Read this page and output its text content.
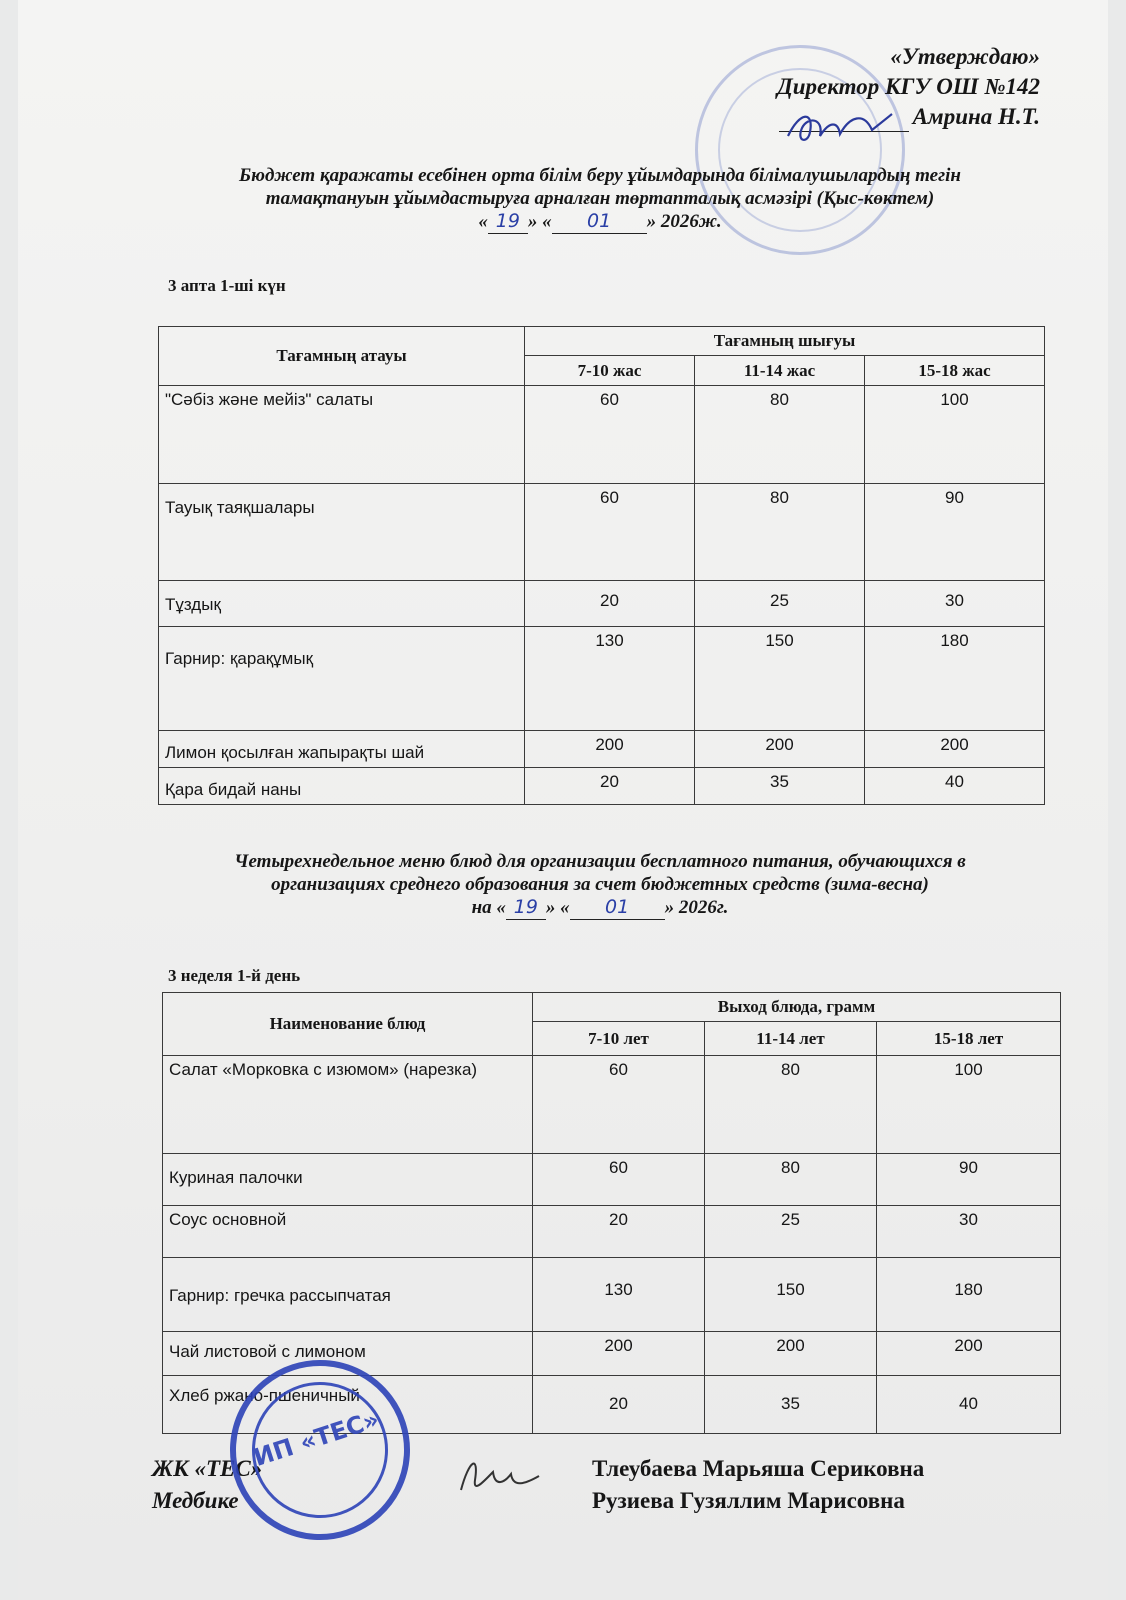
«Утверждаю»
Директор КГУ ОШ №142
Амрина Н.Т.
Бюджет қаражаты есебінен орта білім беру ұйымдарында білімалушылардың тегін
тамақтануын ұйымдастыруға арналған төртапталық асмәзірі (Қыс-көктем)
« 19 » « 01 » 2026ж.
3 апта 1-ші күн
Тағамның атауы	Тағамның шығуы		
	7-10 жас	11-14 жас	15-18 жас
"Сәбіз және мейіз" салаты	60	80	100
Тауық таяқшалары	60	80	90
Тұздық	20	25	30
Гарнир: қарақұмық	130	150	180
Лимон қосылған жапырақты шай	200	200	200
Қара бидай наны	20	35	40
Четырехнедельное меню блюд для организации бесплатного питания, обучающихся в
организациях среднего образования за счет бюджетных средств (зима-весна)
на « 19 » « 01 » 2026г.
3 неделя 1-й день
Наименование блюд	Выход блюда, грамм		
	7-10 лет	11-14 лет	15-18 лет
Салат «Морковка с изюмом» (нарезка)	60	80	100
Куриная палочки	60	80	90
Соус основной	20	25	30
Гарнир: гречка рассыпчатая	130	150	180
Чай листовой с лимоном	200	200	200
Хлеб ржано-пшеничный	20	35	40
ЖК «ТЕС»
Медбике
Тлеубаева Марьяша Сериковна
Рузиева Гузяллим Марисовна
ИП «ТЕС»
